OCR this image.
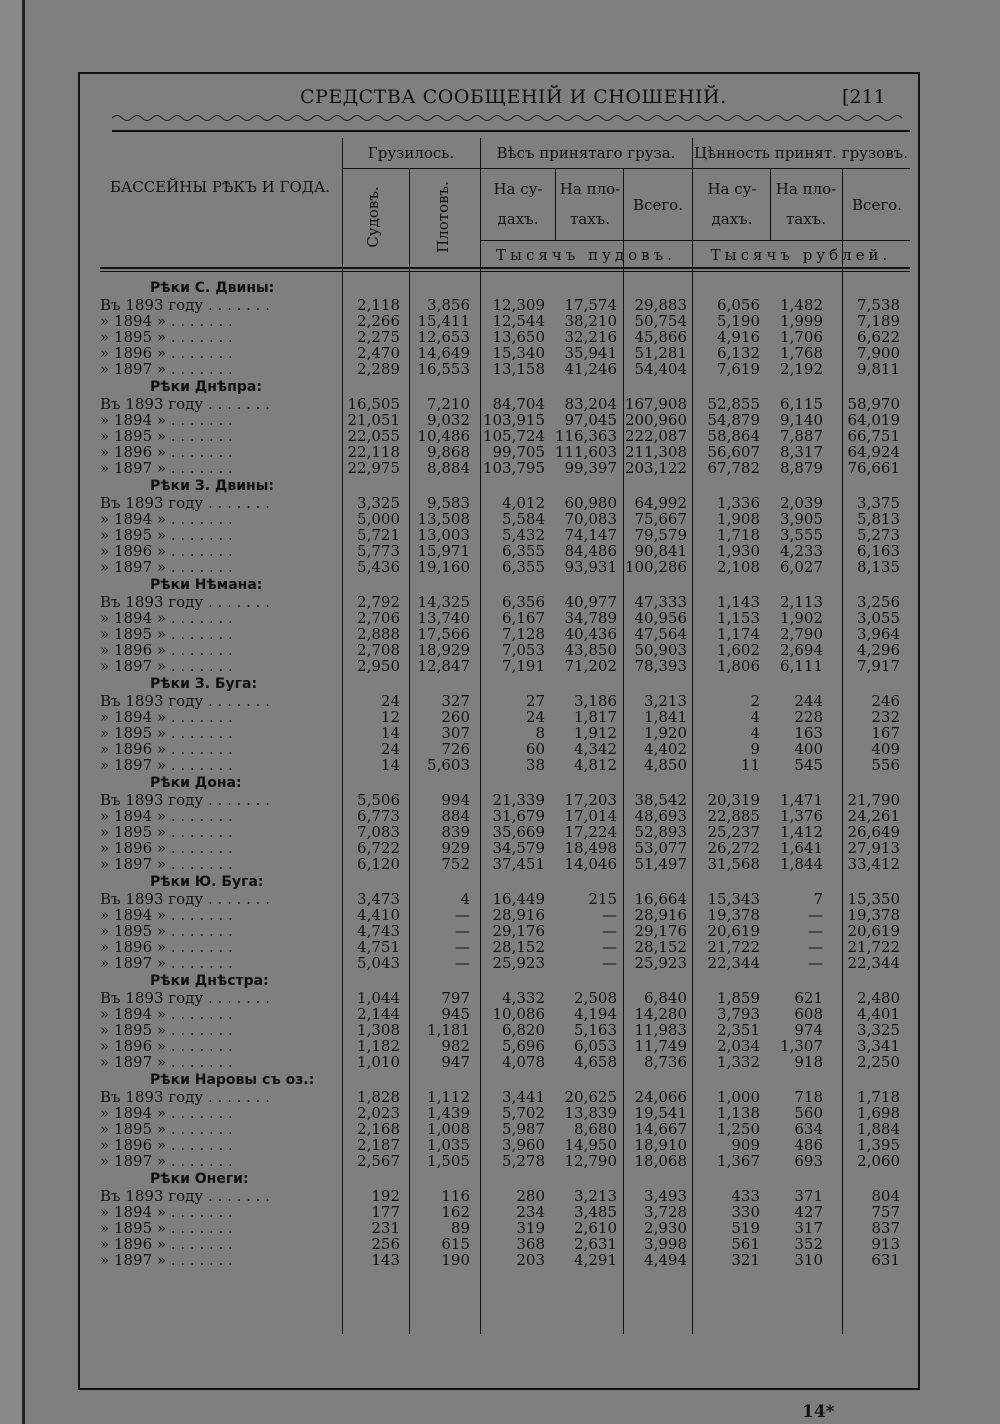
СРЕДСТВА СООБЩЕНІЙ И СНОШЕНІЙ.	[211
БАССЕЙНЫ РѢКЪ И ГОДА.
Грузилось.	Вѣсъ принятаго груза.	Цѣнность принят. грузовъ.
Судовъ.	Плотовъ.	На су-дахъ.
На пло-тахъ.
Всего.
На су-дахъ.
На пло-тахъ.
Всего.
Тысячъ пудовъ.	Тысячъ рублей.
Рѣки С. Двины:
Въ 1893 году . . . . . . .	2,118 3,856 12,309 17,574 29,883 6,056 1,482 7,538
» 1894 » . . . . . . .	2,266 15,411 12,544 38,210 50,754 5,190 1,999 7,189
» 1895 » . . . . . . .	2,275 12,653 13,650 32,216 45,866 4,916 1,706 6,622
» 1896 » . . . . . . .	2,470 14,649 15,340 35,941 51,281 6,132 1,768 7,900
» 1897 » . . . . . . .	2,289 16,553 13,158 41,246 54,404 7,619 2,192 9,811
Рѣки Днѣпра:
Въ 1893 году . . . . . . .	16,505 7,210 84,704 83,204 167,908 52,855 6,115 58,970
» 1894 » . . . . . . .	21,051 9,032 103,915 97,045 200,960 54,879 9,140 64,019
» 1895 » . . . . . . .	22,055 10,486 105,724 116,363 222,087 58,864 7,887 66,751
» 1896 » . . . . . . .	22,118 9,868 99,705 111,603 211,308 56,607 8,317 64,924
» 1897 » . . . . . . .	22,975 8,884 103,795 99,397 203,122 67,782 8,879 76,661
Рѣки З. Двины:
Въ 1893 году . . . . . . .	3,325 9,583 4,012 60,980 64,992 1,336 2,039 3,375
» 1894 » . . . . . . .	5,000 13,508 5,584 70,083 75,667 1,908 3,905 5,813
» 1895 » . . . . . . .	5,721 13,003 5,432 74,147 79,579 1,718 3,555 5,273
» 1896 » . . . . . . .	5,773 15,971 6,355 84,486 90,841 1,930 4,233 6,163
» 1897 » . . . . . . .	5,436 19,160 6,355 93,931 100,286 2,108 6,027 8,135
Рѣки Нѣмана:
Въ 1893 году . . . . . . .	2,792 14,325 6,356 40,977 47,333 1,143 2,113 3,256
» 1894 » . . . . . . .	2,706 13,740 6,167 34,789 40,956 1,153 1,902 3,055
» 1895 » . . . . . . .	2,888 17,566 7,128 40,436 47,564 1,174 2,790 3,964
» 1896 » . . . . . . .	2,708 18,929 7,053 43,850 50,903 1,602 2,694 4,296
» 1897 » . . . . . . .	2,950 12,847 7,191 71,202 78,393 1,806 6,111 7,917
Рѣки З. Буга:
Въ 1893 году . . . . . . .	24	327	27 3,186 3,213	2 244	246
» 1894 » . . . . . . .	12	260	24 1,817 1,841	4 228	232
» 1895 » . . . . . . .	14	307	8 1,912 1,920	4 163	167
» 1896 » . . . . . . .	24	726	60 4,342 4,402	9 400	409
» 1897 » . . . . . . .	14 5,603	38 4,812 4,850	11 545	556
Рѣки Дона:
Въ 1893 году . . . . . . .	5,506	994 21,339 17,203 38,542 20,319 1,471 21,790
» 1894 » . . . . . . .	6,773	884 31,679 17,014 48,693 22,885 1,376 24,261
» 1895 » . . . . . . .	7,083	839 35,669 17,224 52,893 25,237 1,412 26,649
» 1896 » . . . . . . .	6,722	929 34,579 18,498 53,077 26,272 1,641 27,913
» 1897 » . . . . . . .	6,120	752 37,451 14,046 51,497 31,568 1,844 33,412
Рѣки Ю. Буга:
Въ 1893 году . . . . . . .	3,473	4 16,449	215 16,664 15,343	7 15,350
» 1894 » . . . . . . .	4,410	— 28,916	— 28,916 19,378	— 19,378
» 1895 » . . . . . . .	4,743	— 29,176	— 29,176 20,619	— 20,619
» 1896 » . . . . . . .	4,751	— 28,152	— 28,152 21,722	— 21,722
» 1897 » . . . . . . .	5,043	— 25,923	— 25,923 22,344	— 22,344
Рѣки Днѣстра:
Въ 1893 году . . . . . . .	1,044	797 4,332 2,508 6,840 1,859 621 2,480
» 1894 » . . . . . . .	2,144	945 10,086 4,194 14,280 3,793 608 4,401
» 1895 » . . . . . . .	1,308 1,181 6,820 5,163 11,983 2,351 974 3,325
» 1896 » . . . . . . .	1,182	982 5,696 6,053 11,749 2,034 1,307 3,341
» 1897 » . . . . . . .	1,010	947 4,078 4,658 8,736 1,332 918 2,250
Рѣки Наровы съ оз.:
Въ 1893 году . . . . . . .	1,828 1,112 3,441 20,625 24,066 1,000 718 1,718
» 1894 » . . . . . . .	2,023 1,439 5,702 13,839 19,541 1,138 560 1,698
» 1895 » . . . . . . .	2,168 1,008 5,987 8,680 14,667 1,250 634 1,884
» 1896 » . . . . . . .	2,187 1,035 3,960 14,950 18,910	909 486 1,395
» 1897 » . . . . . . .	2,567 1,505 5,278 12,790 18,068 1,367 693 2,060
Рѣки Онеги:
Въ 1893 году . . . . . . .	192	116	280 3,213 3,493	433 371	804
» 1894 » . . . . . . .	177	162	234 3,485 3,728	330 427	757
» 1895 » . . . . . . .	231	89	319 2,610 2,930	519 317	837
» 1896 » . . . . . . .	256	615	368 2,631 3,998	561 352	913
» 1897 » . . . . . . .	143	190	203 4,291 4,494	321 310	631
14*
